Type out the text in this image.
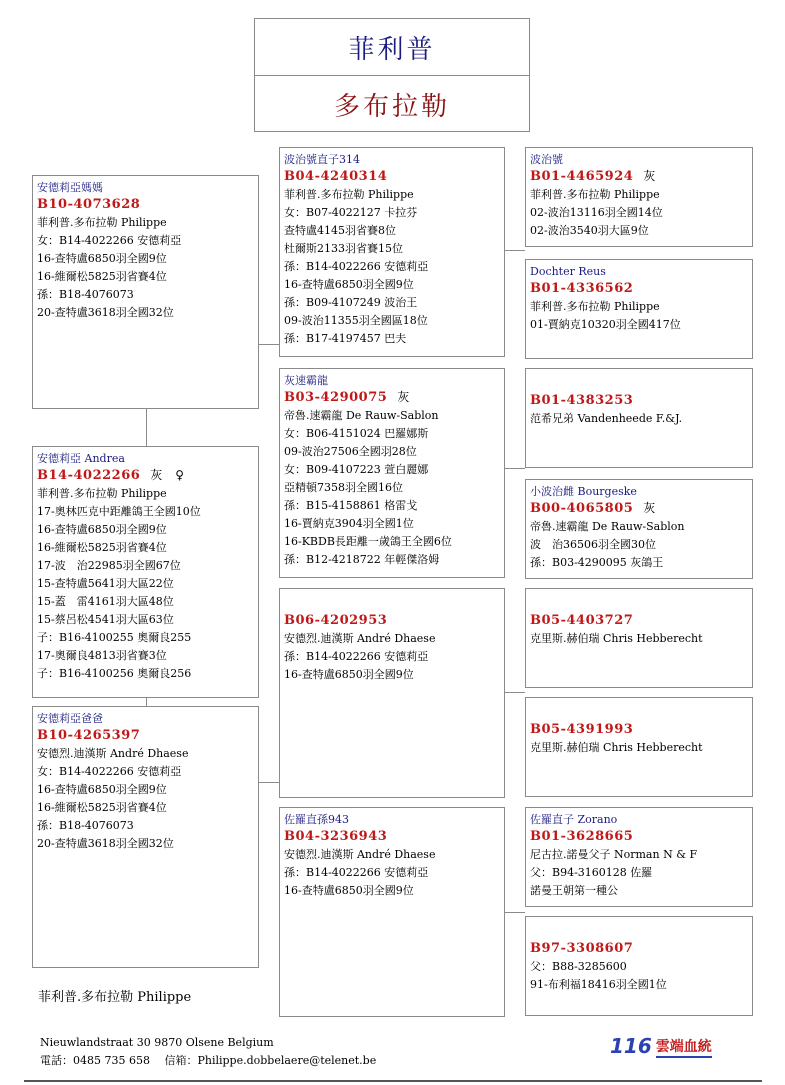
菲利普
多布拉勒
安德莉亞媽媽
B10-4073628
菲利普.多布拉勒 Philippe
女：B14-4022266 安德莉亞
16-查特盧6850羽全國9位
16-維爾松5825羽省賽4位
孫：B18-4076073
20-查特盧3618羽全國32位
安德莉亞 Andrea
B14-4022266 灰　♀
菲利普.多布拉勒 Philippe
17-奧林匹克中距離鴿王全國10位
16-查特盧6850羽全國9位
16-維爾松5825羽省賽4位
17-波　治22985羽全國67位
15-查特盧5641羽大區22位
15-蓋　雷4161羽大區48位
15-蔡呂松4541羽大區63位
子：B16-4100255 奧爾良255
17-奧爾良4813羽省賽3位
子：B16-4100256 奧爾良256
安德莉亞爸爸
B10-4265397
安德烈.迪漢斯 André Dhaese
女：B14-4022266 安德莉亞
16-查特盧6850羽全國9位
16-維爾松5825羽省賽4位
孫：B18-4076073
20-查特盧3618羽全國32位
波治號直子314
B04-4240314
菲利普.多布拉勒 Philippe
女：B07-4022127 卡拉芬
查特盧4145羽省賽8位
杜爾斯2133羽省賽15位
孫：B14-4022266 安德莉亞
16-查特盧6850羽全國9位
孫：B09-4107249 波治王
09-波治11355羽全國區18位
孫：B17-4197457 巴夫
灰速霸龍
B03-4290075 灰
帝魯.速霸龍 De Rauw-Sablon
女：B06-4151024 巴羅娜斯
09-波治27506全國羽28位
女：B09-4107223 萱白麗娜
亞精頓7358羽全國16位
孫：B15-4158861 格雷戈
16-賈納克3904羽全國1位
16-KBDB長距離一歲鴿王全國6位
孫：B12-4218722 年輕傑洛姆
B06-4202953
安德烈.迪漢斯 André Dhaese
孫：B14-4022266 安德莉亞
16-查特盧6850羽全國9位
佐羅直孫943
B04-3236943
安德烈.迪漢斯 André Dhaese
孫：B14-4022266 安德莉亞
16-查特盧6850羽全國9位
波治號
B01-4465924 灰
菲利普.多布拉勒 Philippe
02-波治13116羽全國14位
02-波治3540羽大區9位
Dochter Reus
B01-4336562
菲利普.多布拉勒 Philippe
01-賈納克10320羽全國417位
B01-4383253
范希兄弟 Vandenheede F.&J.
小波治雌 Bourgeske
B00-4065805 灰
帝魯.速霸龍 De Rauw-Sablon
波　治36506羽全國30位
孫：B03-4290095 灰鴿王
B05-4403727
克里斯.赫伯瑞 Chris Hebberecht
B05-4391993
克里斯.赫伯瑞 Chris Hebberecht
佐羅直子 Zorano
B01-3628665
尼古拉.諾曼父子 Norman N & F
父：B94-3160128 佐羅
諾曼王朝第一種公
B97-3308607
父：B88-3285600
91-布利福18416羽全國1位
菲利普.多布拉勒 Philippe
Nieuwlandstraat 30 9870 Olsene Belgium
電話：0485 735 658　 信箱：Philippe.dobbelaere@telenet.be
116 雲端血統
